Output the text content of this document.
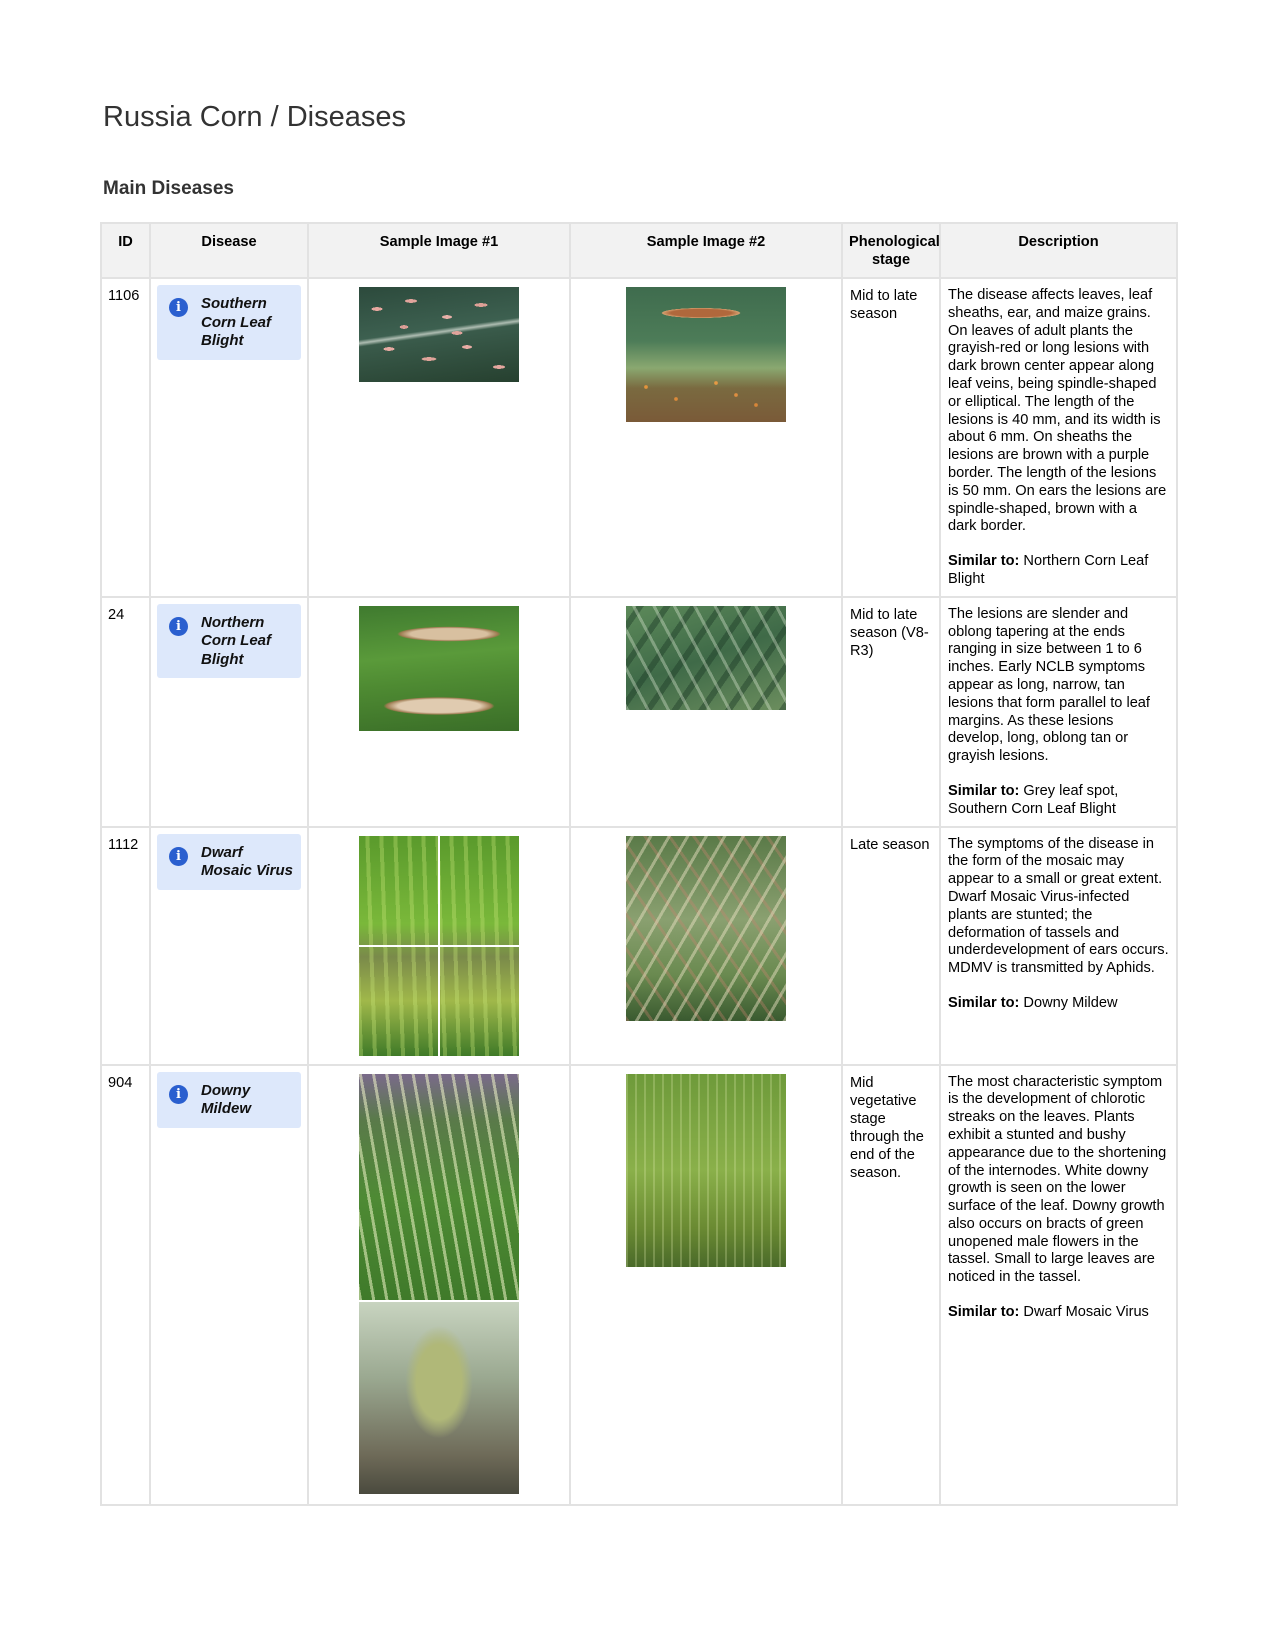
Russia Corn / Diseases
Main Diseases
ID	Disease	Sample Image #1	Sample Image #2	Phenological stage	Description
1106	i Southern Corn Leaf Blight			Mid to late season	The disease affects leaves, leaf sheaths, ear, and maize grains. On leaves of adult plants the grayish-red or long lesions with dark brown center appear along leaf veins, being spindle-shaped or elliptical. The length of the lesions is 40 mm, and its width is about 6 mm. On sheaths the lesions are brown with a purple border. The length of the lesions is 50 mm. On ears the lesions are spindle-shaped, brown with a dark border.
Similar to: Northern Corn Leaf Blight

24	i Northern Corn Leaf Blight			Mid to late season (V8-R3)	The lesions are slender and oblong tapering at the ends ranging in size between 1 to 6 inches. Early NCLB symptoms appear as long, narrow, tan lesions that form parallel to leaf margins. As these lesions develop, long, oblong tan or grayish lesions.
Similar to: Grey leaf spot, Southern Corn Leaf Blight

1112	i Dwarf Mosaic Virus			Late season	The symptoms of the disease in the form of the mosaic may appear to a small or great extent. Dwarf Mosaic Virus-infected plants are stunted; the deformation of tassels and underdevelopment of ears occurs. MDMV is transmitted by Aphids.
Similar to: Downy Mildew

904	i Downy Mildew			Mid vegetative stage through the end of the season.	The most characteristic symptom is the development of chlorotic streaks on the leaves. Plants exhibit a stunted and bushy appearance due to the shortening of the internodes. White downy growth is seen on the lower surface of the leaf. Downy growth also occurs on bracts of green unopened male flowers in the tassel. Small to large leaves are noticed in the tassel.
Similar to: Dwarf Mosaic Virus
